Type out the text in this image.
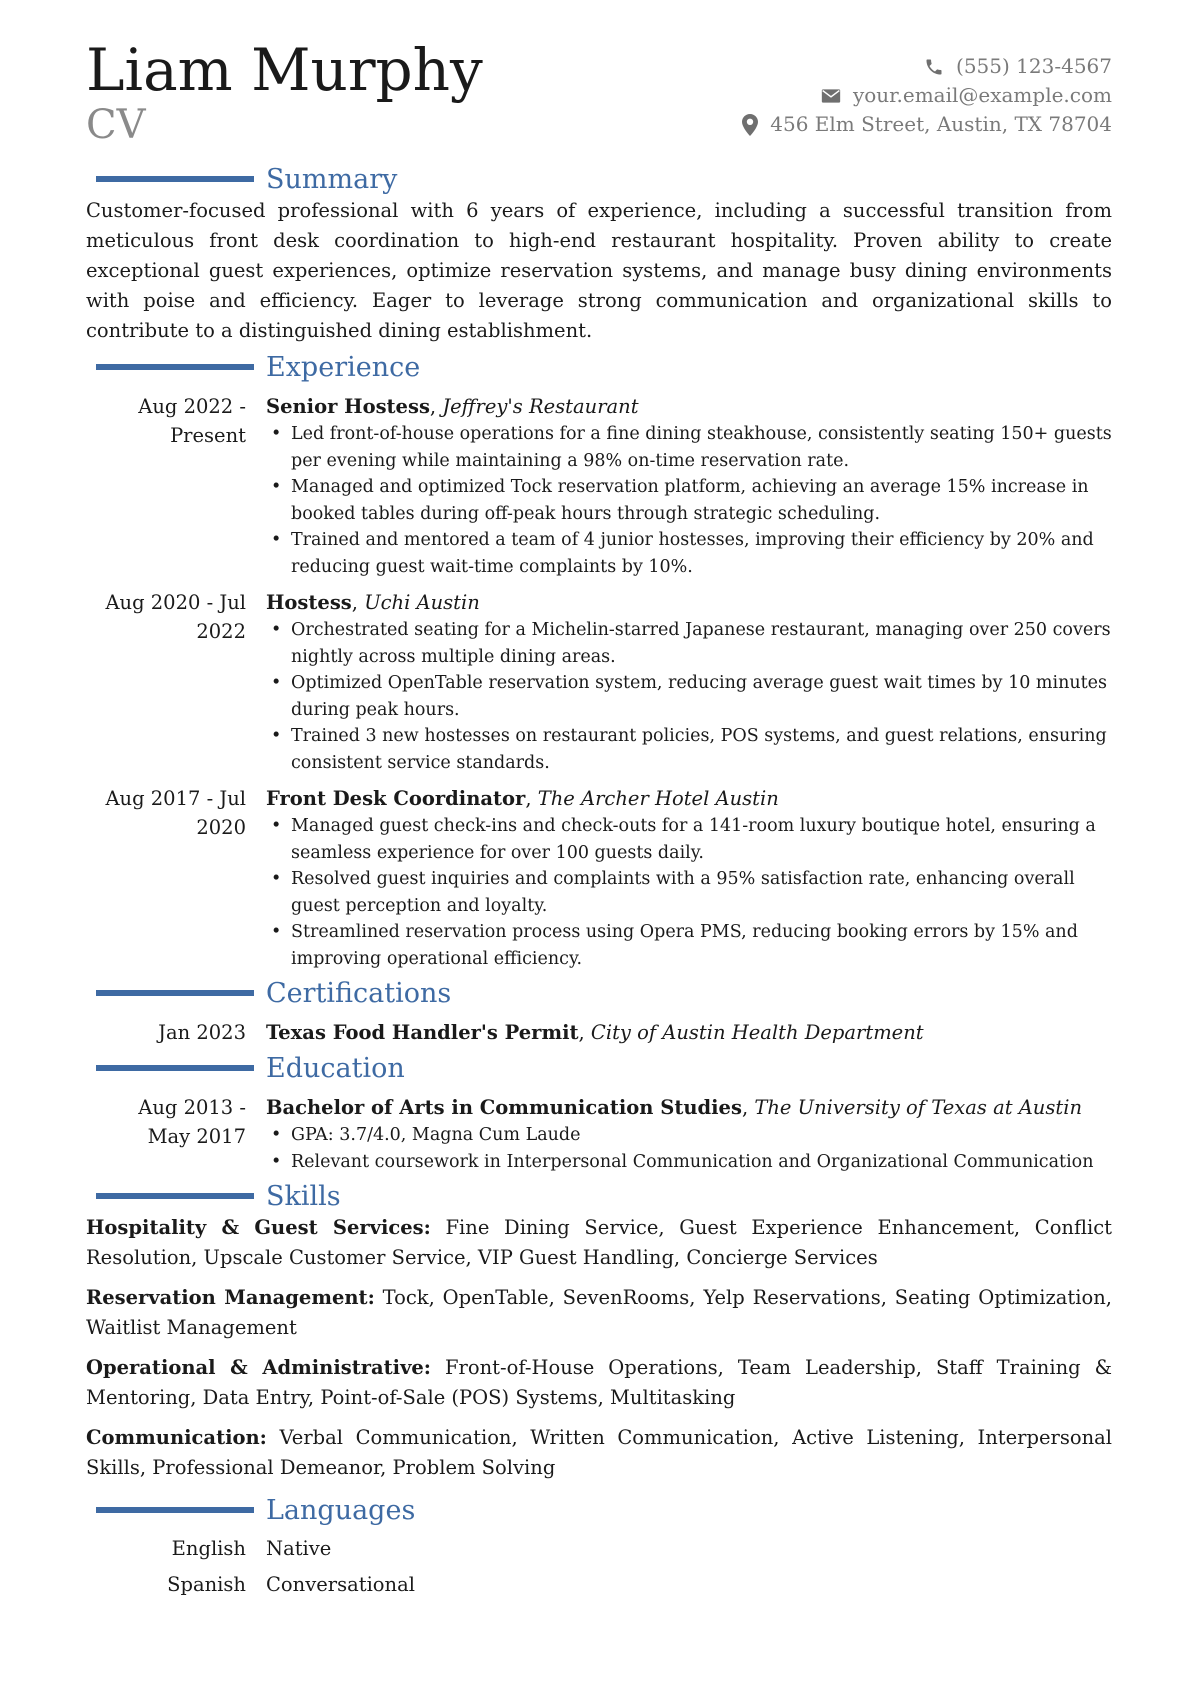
Liam Murphy
CV
(555) 123-4567
your.email@example.com
456 Elm Street, Austin, TX 78704
Summary

Customer-focused professional with 6 years of experience, including a successful transition from meticulous front desk coordination to high-end restaurant hospitality. Proven ability to create exceptional guest experiences, optimize reservation systems, and manage busy dining environments with poise and efficiency. Eager to leverage strong communication and organizational skills to contribute to a distinguished dining establishment.

Experience
Aug 2022 -
Present
Senior Hostess, Jeffrey's Restaurant
• Led front-of-house operations for a fine dining steakhouse, consistently seating 150+ guests per evening while maintaining a 98% on-time reservation rate.
• Managed and optimized Tock reservation platform, achieving an average 15% increase in booked tables during off-peak hours through strategic scheduling.
• Trained and mentored a team of 4 junior hostesses, improving their efficiency by 20% and reducing guest wait-time complaints by 10%.
Aug 2020 - Jul
2022
Hostess, Uchi Austin
• Orchestrated seating for a Michelin-starred Japanese restaurant, managing over 250 covers nightly across multiple dining areas.
• Optimized OpenTable reservation system, reducing average guest wait times by 10 minutes during peak hours.
• Trained 3 new hostesses on restaurant policies, POS systems, and guest relations, ensuring consistent service standards.
Aug 2017 - Jul
2020
Front Desk Coordinator, The Archer Hotel Austin
• Managed guest check-ins and check-outs for a 141-room luxury boutique hotel, ensuring a seamless experience for over 100 guests daily.
• Resolved guest inquiries and complaints with a 95% satisfaction rate, enhancing overall guest perception and loyalty.
• Streamlined reservation process using Opera PMS, reducing booking errors by 15% and improving operational efficiency.
Certifications
Jan 2023	Texas Food Handler's Permit, City of Austin Health Department
Education
Aug 2013 -
May 2017
Bachelor of Arts in Communication Studies, The University of Texas at Austin
• GPA: 3.7/4.0, Magna Cum Laude
• Relevant coursework in Interpersonal Communication and Organizational Communication
Skills

Hospitality & Guest Services: Fine Dining Service, Guest Experience Enhancement, Conflict Resolution, Upscale Customer Service, VIP Guest Handling, Concierge Services

Reservation Management: Tock, OpenTable, SevenRooms, Yelp Reservations, Seating Optimization, Waitlist Management

Operational & Administrative: Front-of-House Operations, Team Leadership, Staff Training & Mentoring, Data Entry, Point-of-Sale (POS) Systems, Multitasking

Communication: Verbal Communication, Written Communication, Active Listening, Interpersonal Skills, Professional Demeanor, Problem Solving

Languages
English	Native
Spanish	Conversational
